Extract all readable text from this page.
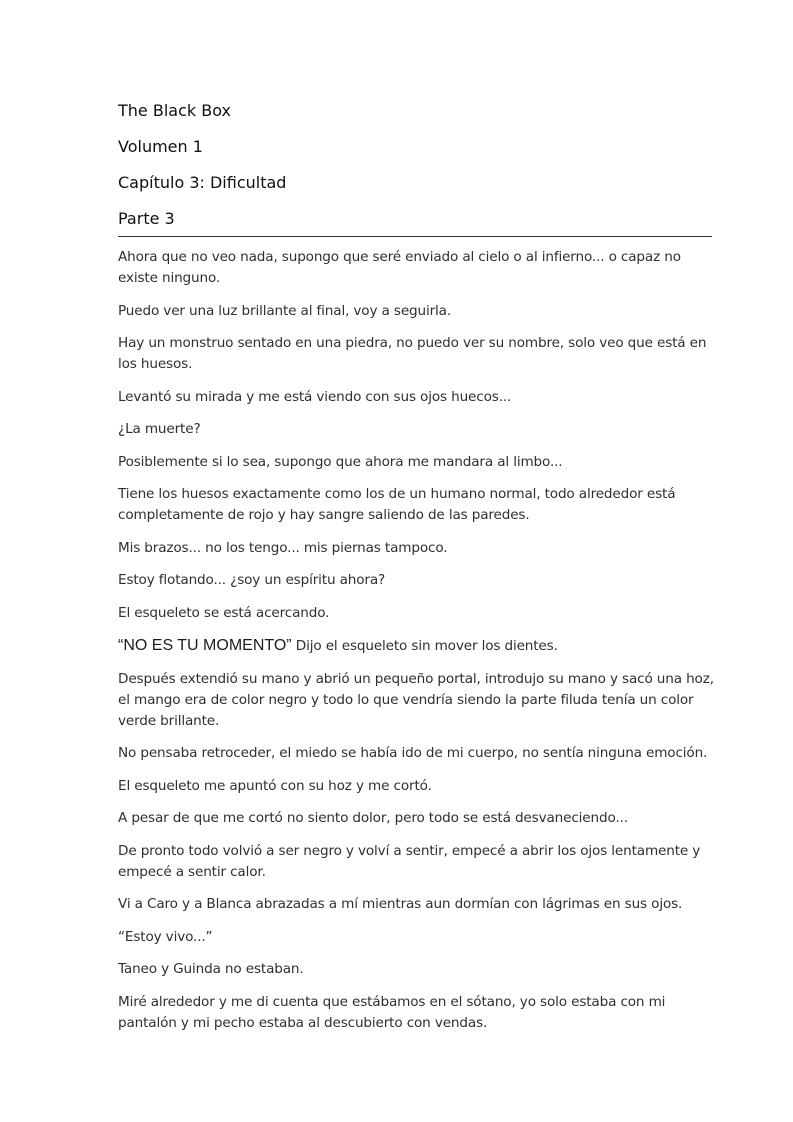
The Black Box

Volumen 1

Capítulo 3: Dificultad

Parte 3

Ahora que no veo nada, supongo que seré enviado al cielo o al infierno... o capaz no existe ninguno.

Puedo ver una luz brillante al final, voy a seguirla.

Hay un monstruo sentado en una piedra, no puedo ver su nombre, solo veo que está en los huesos.

Levantó su mirada y me está viendo con sus ojos huecos...

¿La muerte?

Posiblemente si lo sea, supongo que ahora me mandara al limbo...

Tiene los huesos exactamente como los de un humano normal, todo alrededor está completamente de rojo y hay sangre saliendo de las paredes.

Mis brazos... no los tengo... mis piernas tampoco.

Estoy flotando... ¿soy un espíritu ahora?

El esqueleto se está acercando.

“NO ES TU MOMENTO” Dijo el esqueleto sin mover los dientes.

Después extendió su mano y abrió un pequeño portal, introdujo su mano y sacó una hoz, el mango era de color negro y todo lo que vendría siendo la parte filuda tenía un color verde brillante.

No pensaba retroceder, el miedo se había ido de mi cuerpo, no sentía ninguna emoción.

El esqueleto me apuntó con su hoz y me cortó.

A pesar de que me cortó no siento dolor, pero todo se está desvaneciendo...

De pronto todo volvió a ser negro y volví a sentir, empecé a abrir los ojos lentamente y empecé a sentir calor.

Vi a Caro y a Blanca abrazadas a mí mientras aun dormían con lágrimas en sus ojos.

“Estoy vivo...”

Taneo y Guinda no estaban.

Miré alrededor y me di cuenta que estábamos en el sótano, yo solo estaba con mi pantalón y mi pecho estaba al descubierto con vendas.
